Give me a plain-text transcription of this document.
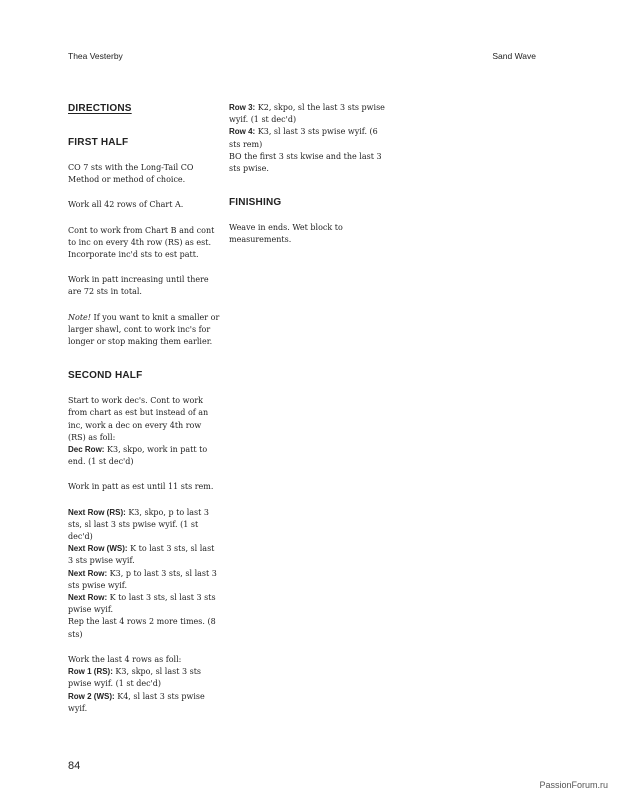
Thea Vesterby	Sand Wave
DIRECTIONS
FIRST HALF

CO 7 sts with the Long-Tail CO Method or method of choice.

Work all 42 rows of Chart A.

Cont to work from Chart B and cont to inc on every 4th row (RS) as est. Incorporate inc'd sts to est patt.

Work in patt increasing until there are 72 sts in total.

Note! If you want to knit a smaller or larger shawl, cont to work inc's for longer or stop making them earlier.

SECOND HALF

Start to work dec's. Cont to work from chart as est but instead of an inc, work a dec on every 4th row (RS) as foll:

Dec Row: K3, skpo, work in patt to end. (1 st dec'd)

Work in patt as est until 11 sts rem.

Next Row (RS): K3, skpo, p to last 3 sts, sl last 3 sts pwise wyif. (1 st dec'd)

Next Row (WS): K to last 3 sts, sl last 3 sts pwise wyif.

Next Row: K3, p to last 3 sts, sl last 3 sts pwise wyif.

Next Row: K to last 3 sts, sl last 3 sts pwise wyif.

Rep the last 4 rows 2 more times. (8 sts)

Work the last 4 rows as foll:

Row 1 (RS): K3, skpo, sl last 3 sts pwise wyif. (1 st dec'd)

Row 2 (WS): K4, sl last 3 sts pwise wyif.

Row 3: K2, skpo, sl the last 3 sts pwise wyif. (1 st dec'd)

Row 4: K3, sl last 3 sts pwise wyif. (6 sts rem)

BO the first 3 sts kwise and the last 3 sts pwise.

FINISHING

Weave in ends. Wet block to measurements.

84
PassionForum.ru
